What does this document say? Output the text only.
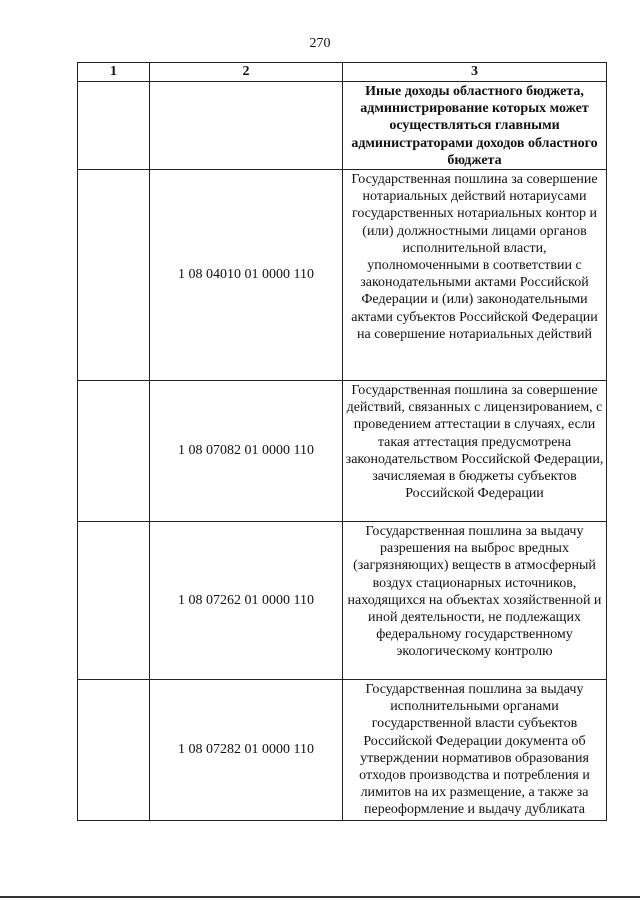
270
1	2	3
		Иные доходы областного бюджета, администрирование которых может осуществляться главными администраторами доходов областного бюджета
	1 08 04010 01 0000 110	Государственная пошлина за совершение нотариальных действий нотариусами государственных нотариальных контор и (или) должностными лицами органов исполнительной власти, уполномоченными в соответствии с законодательными актами Российской Федерации и (или) законодательными актами субъектов Российской Федерации на совершение нотариальных действий
	1 08 07082 01 0000 110	Государственная пошлина за совершение действий, связанных с лицензированием, с проведением аттестации в случаях, если такая аттестация предусмотрена законодательством Российской Федерации, зачисляемая в бюджеты субъектов Российской Федерации
	1 08 07262 01 0000 110	Государственная пошлина за выдачу разрешения на выброс вредных (загрязняющих) веществ в атмосферный воздух стационарных источников, находящихся на объектах хозяйственной и иной деятельности, не подлежащих федеральному государственному экологическому контролю
	1 08 07282 01 0000 110	Государственная пошлина за выдачу исполнительными органами государственной власти субъектов Российской Федерации документа об утверждении нормативов образования отходов производства и потребления и лимитов на их размещение, а также за переоформление и выдачу дубликата
